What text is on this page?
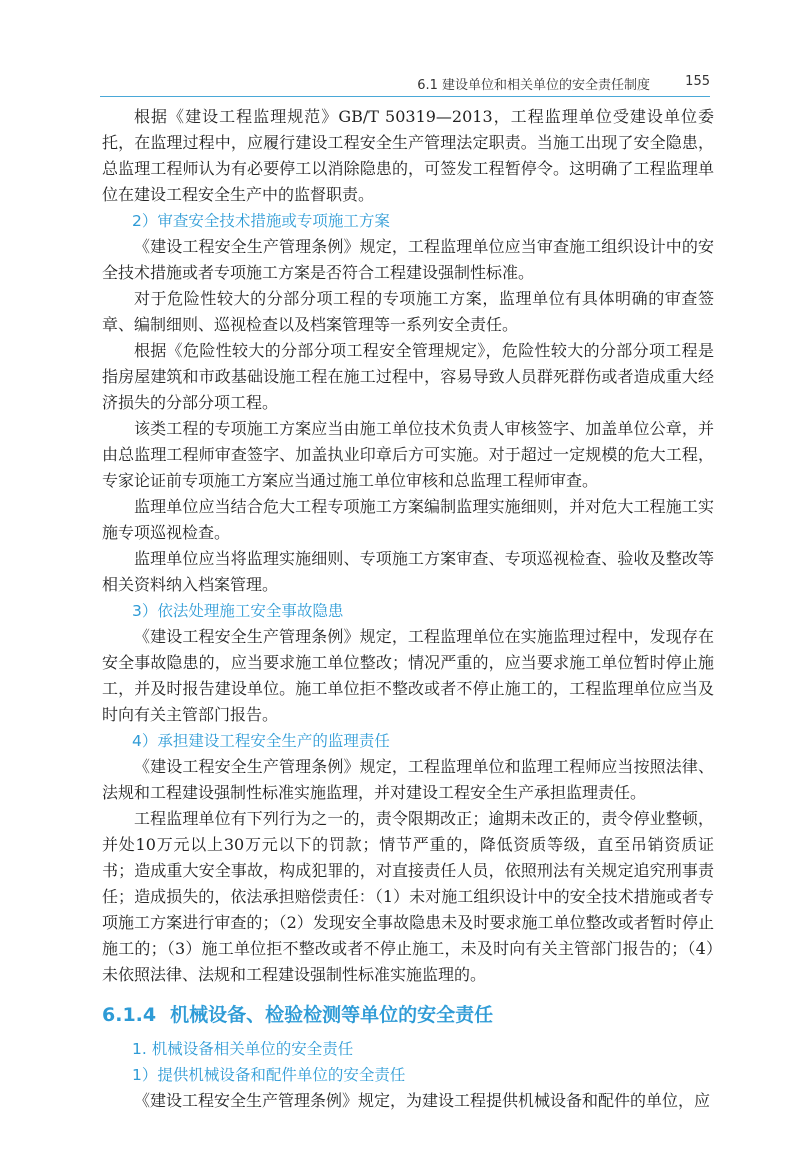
6.1 建设单位和相关单位的安全责任制度	155

根据《建设工程监理规范》GB/T 50319—2013，工程监理单位受建设单位委托，在监理过程中，应履行建设工程安全生产管理法定职责。当施工出现了安全隐患，总监理工程师认为有必要停工以消除隐患的，可签发工程暂停令。这明确了工程监理单位在建设工程安全生产中的监督职责。

2）审查安全技术措施或专项施工方案

《建设工程安全生产管理条例》规定，工程监理单位应当审查施工组织设计中的安全技术措施或者专项施工方案是否符合工程建设强制性标准。

对于危险性较大的分部分项工程的专项施工方案，监理单位有具体明确的审查签章、编制细则、巡视检查以及档案管理等一系列安全责任。

根据《危险性较大的分部分项工程安全管理规定》，危险性较大的分部分项工程是指房屋建筑和市政基础设施工程在施工过程中，容易导致人员群死群伤或者造成重大经济损失的分部分项工程。

该类工程的专项施工方案应当由施工单位技术负责人审核签字、加盖单位公章，并由总监理工程师审查签字、加盖执业印章后方可实施。对于超过一定规模的危大工程，专家论证前专项施工方案应当通过施工单位审核和总监理工程师审查。

监理单位应当结合危大工程专项施工方案编制监理实施细则，并对危大工程施工实施专项巡视检查。

监理单位应当将监理实施细则、专项施工方案审查、专项巡视检查、验收及整改等相关资料纳入档案管理。

3）依法处理施工安全事故隐患

《建设工程安全生产管理条例》规定，工程监理单位在实施监理过程中，发现存在安全事故隐患的，应当要求施工单位整改；情况严重的，应当要求施工单位暂时停止施工，并及时报告建设单位。施工单位拒不整改或者不停止施工的，工程监理单位应当及时向有关主管部门报告。

4）承担建设工程安全生产的监理责任

《建设工程安全生产管理条例》规定，工程监理单位和监理工程师应当按照法律、法规和工程建设强制性标准实施监理，并对建设工程安全生产承担监理责任。

工程监理单位有下列行为之一的，责令限期改正；逾期未改正的，责令停业整顿，并处10万元以上30万元以下的罚款；情节严重的，降低资质等级，直至吊销资质证书；造成重大安全事故，构成犯罪的，对直接责任人员，依照刑法有关规定追究刑事责任；造成损失的，依法承担赔偿责任：（1）未对施工组织设计中的安全技术措施或者专项施工方案进行审查的；（2）发现安全事故隐患未及时要求施工单位整改或者暂时停止施工的；（3）施工单位拒不整改或者不停止施工，未及时向有关主管部门报告的；（4）未依照法律、法规和工程建设强制性标准实施监理的。

6.1.4 机械设备、检验检测等单位的安全责任
1. 机械设备相关单位的安全责任
1）提供机械设备和配件单位的安全责任

《建设工程安全生产管理条例》规定，为建设工程提供机械设备和配件的单位，应
